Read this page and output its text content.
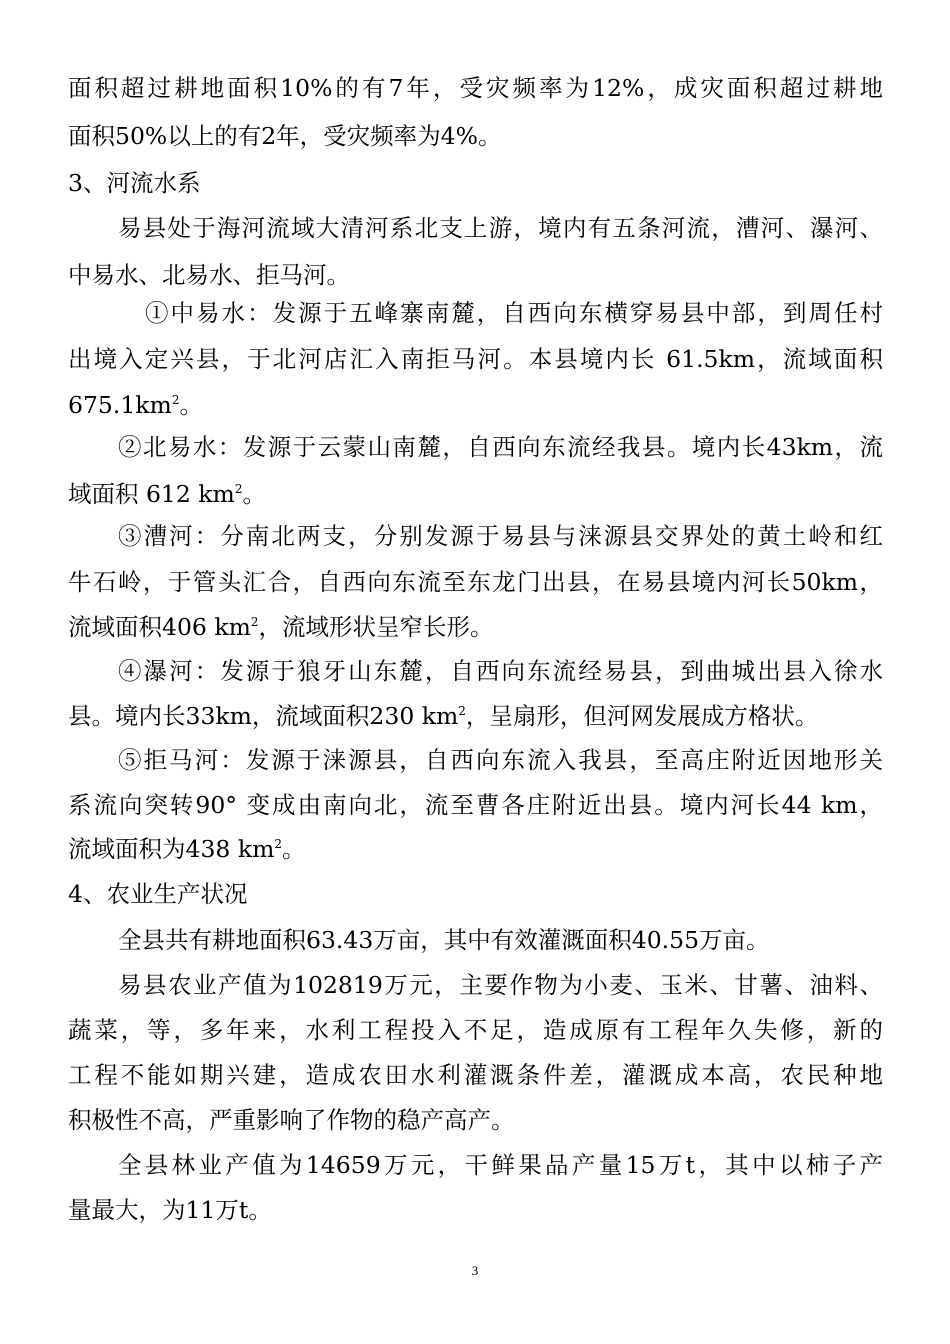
面积超过耕地面积10%的有7年，受灾频率为12%，成灾面积超过耕地
面积50%以上的有2年，受灾频率为4%。
3、河流水系
易县处于海河流域大清河系北支上游，境内有五条河流，漕河、瀑河、
中易水、北易水、拒马河。
①中易水：发源于五峰寨南麓，自西向东横穿易县中部，到周任村
出境入定兴县，于北河店汇入南拒马河。本县境内长 61.5km，流域面积
$675.1km^2$。
②北易水：发源于云蒙山南麓，自西向东流经我县。境内长43km，流
域面积 612 $km^2$。
③漕河：分南北两支，分别发源于易县与涞源县交界处的黄土岭和红
牛石岭，于管头汇合，自西向东流至东龙门出县，在易县境内河长50km，
流域面积406 $km^2$，流域形状呈窄长形。
④瀑河：发源于狼牙山东麓，自西向东流经易县，到曲城出县入徐水
县。境内长33km，流域面积230 $km^2$，呈扇形，但河网发展成方格状。
⑤拒马河：发源于涞源县，自西向东流入我县，至高庄附近因地形关
系流向突转90° 变成由南向北，流至曹各庄附近出县。境内河长44 km，
流域面积为438 $km^2$。
4、农业生产状况
全县共有耕地面积63.43万亩，其中有效灌溉面积40.55万亩。
易县农业产值为102819万元，主要作物为小麦、玉米、甘薯、油料、
蔬菜，等，多年来，水利工程投入不足，造成原有工程年久失修，新的
工程不能如期兴建，造成农田水利灌溉条件差，灌溉成本高，农民种地
积极性不高，严重影响了作物的稳产高产。
全县林业产值为14659万元，干鲜果品产量15万t，其中以柿子产
量最大，为11万t。
3
